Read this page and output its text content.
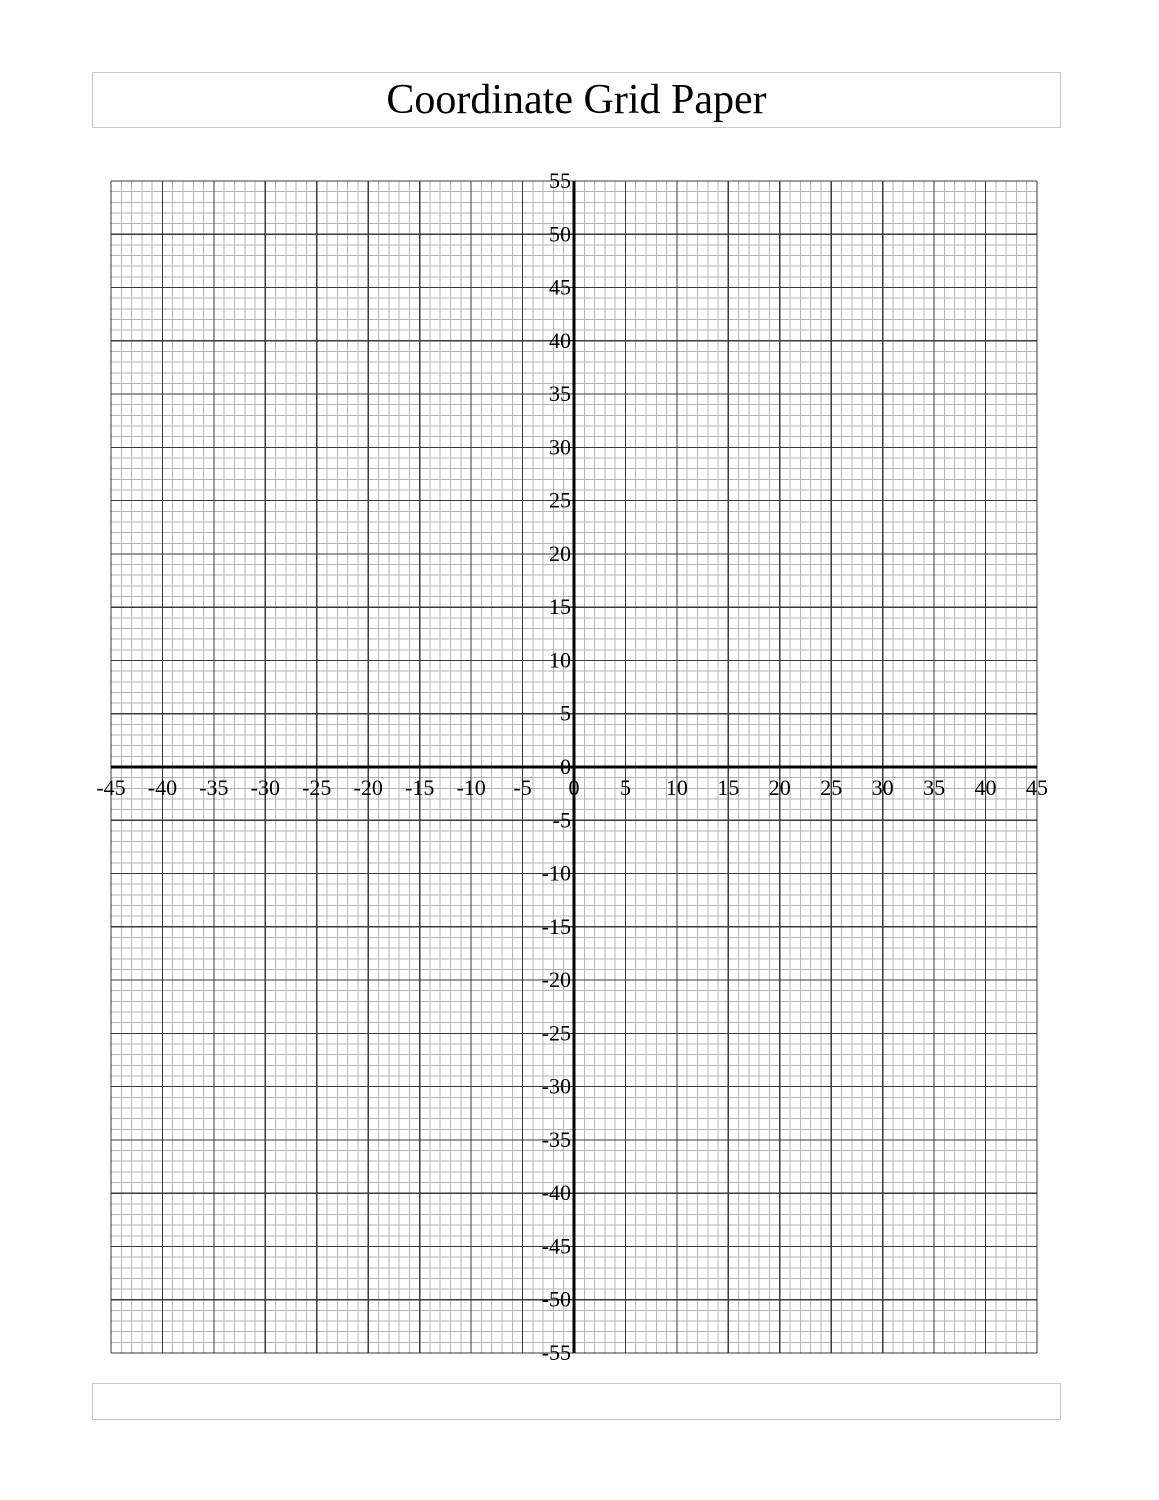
Coordinate Grid Paper
-45 -40 -35 -30 -25 -20 -15 -10 -5 0 5 10 15 20 25 30 35 40 45
-55
-50
-45
-40
-35
-30
-25
-20
-15
-10
-5
0
5
10
15
20
25
30
35
40
45
50
55
